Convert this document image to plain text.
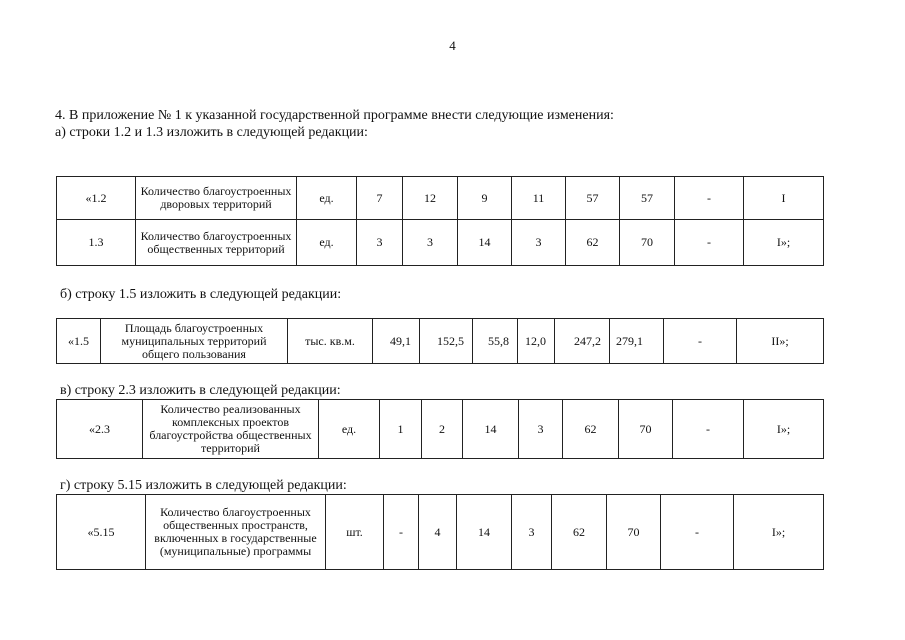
4
4. В приложение № 1 к указанной государственной программе внести следующие изменения:
а) строки 1.2 и 1.3 изложить в следующей редакции:
«1.2	Количество благоустроенных дворовых территорий	ед.	7	12	9	11	57	57	-	I
1.3	Количество благоустроенных общественных территорий	ед.	3	3	14	3	62	70	-	I»;
б) строку 1.5 изложить в следующей редакции:
«1.5	Площадь благоустроенных муниципальных территорий общего пользования	тыс. кв.м.	49,1	152,5	55,8	12,0	247,2	279,1	-	II»;
в) строку 2.3 изложить в следующей редакции:
«2.3	Количество реализованных комплексных проектов благоустройства общественных территорий	ед.	1	2	14	3	62	70	-	I»;
г) строку 5.15 изложить в следующей редакции:
«5.15	Количество благоустроенных общественных пространств, включенных в государственные (муниципальные) программы	шт.	-	4	14	3	62	70	-	I»;
